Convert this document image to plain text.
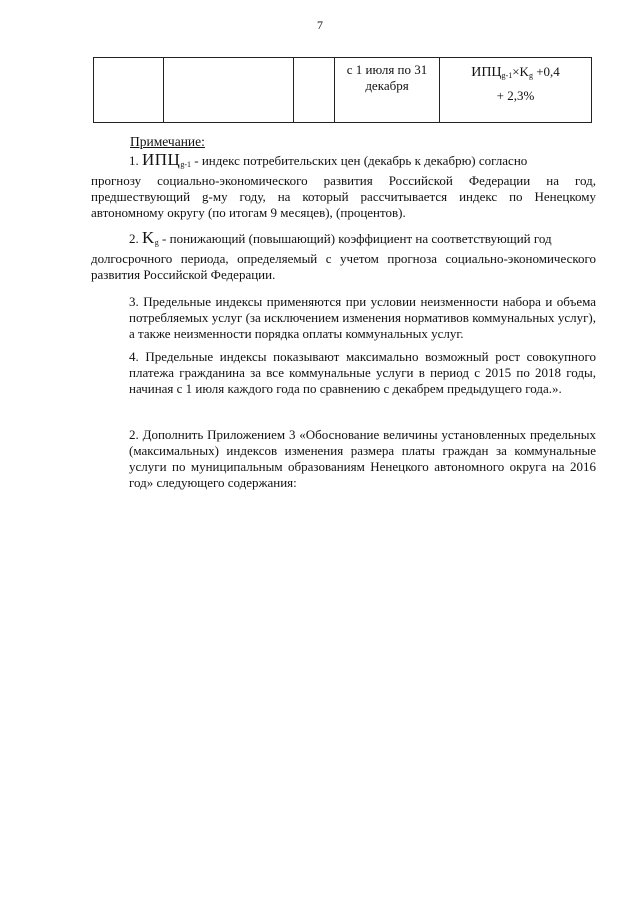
7
			с 1 июля по 31 декабря	$ИПЦ_{g-1}\times K_g +0,4$
+ 2,3%
Примечание:
1. $ИПЦ_{g-1}$ - индекс потребительских цен (декабрь к декабрю) согласно
прогнозу социально-экономического развития Российской Федерации на год, предшествующий g-му году, на который рассчитывается индекс по Ненецкому автономному округу (по итогам 9 месяцев), (процентов).
2. $K_g$ - понижающий (повышающий) коэффициент на соответствующий год
долгосрочного периода, определяемый с учетом прогноза социально-экономического развития Российской Федерации.
3. Предельные индексы применяются при условии неизменности набора и объема потребляемых услуг (за исключением изменения нормативов коммунальных услуг), а также неизменности порядка оплаты коммунальных услуг.
4. Предельные индексы показывают максимально возможный рост совокупного платежа гражданина за все коммунальные услуги в период с 2015 по 2018 годы, начиная с 1 июля каждого года по сравнению с декабрем предыдущего года.».
2. Дополнить Приложением 3 «Обоснование величины установленных предельных (максимальных) индексов изменения размера платы граждан за коммунальные услуги по муниципальным образованиям Ненецкого автономного округа на 2016 год» следующего содержания:
